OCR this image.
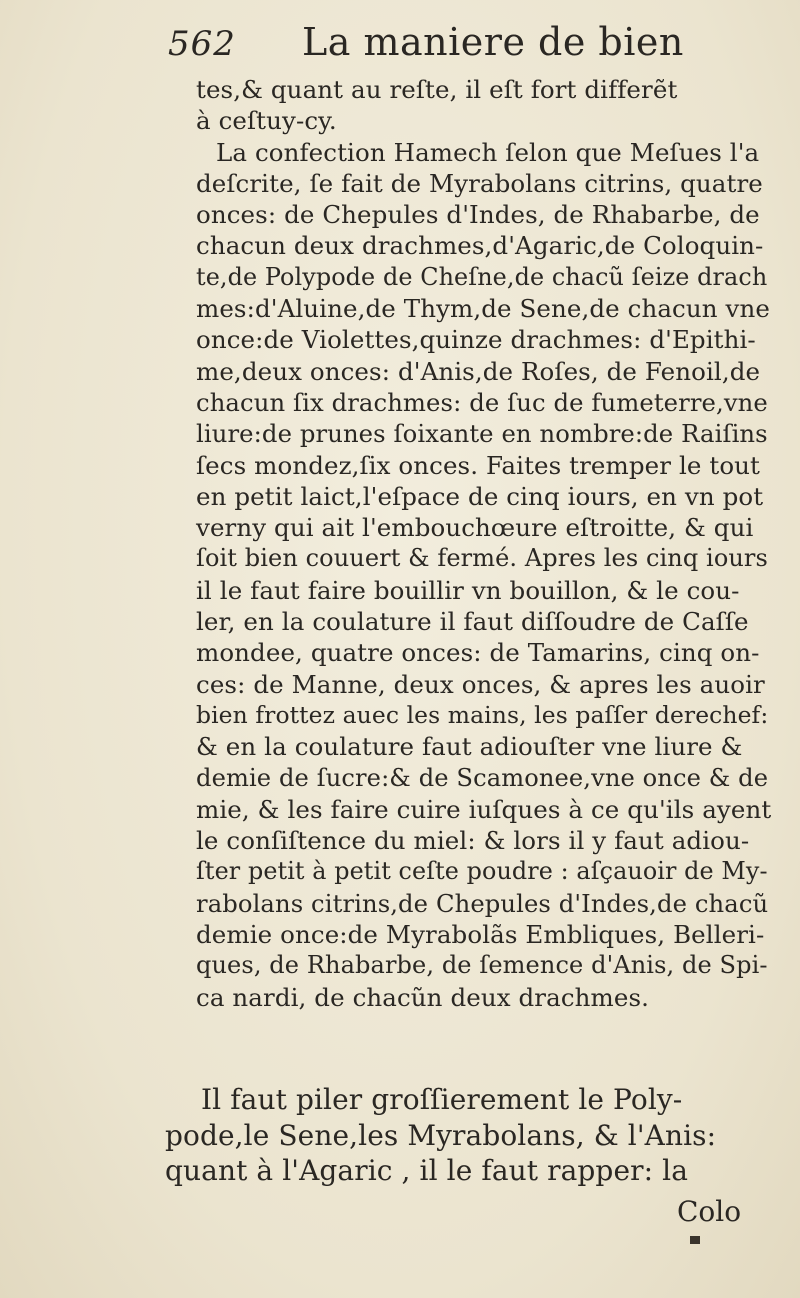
562 La maniere de bien
tes,& quant au reſte, il eſt fort differẽt
à ceſtuy-cy.
La confection Hamech ſelon que Meſues l'a
deſcrite, ſe fait de Myrabolans citrins, quatre
onces: de Chepules d'Indes, de Rhabarbe, de
chacun deux drachmes,d'Agaric,de Coloquin-
te,de Polypode de Cheſne,de chacũ ſeize drach
mes:d'Aluine,de Thym,de Sene,de chacun vne
once:de Violettes,quinze drachmes: d'Epithi-
me,deux onces: d'Anis,de Roſes, de Fenoil,de
chacun ſix drachmes: de ſuc de fumeterre,vne
liure:de prunes ſoixante en nombre:de Raiſins
ſecs mondez,ſix onces. Faites tremper le tout
en petit laict,l'eſpace de cinq iours, en vn pot
verny qui ait l'embouchœure eſtroitte, & qui
ſoit bien couuert & fermé. Apres les cinq iours
il le faut faire bouillir vn bouillon, & le cou-
ler, en la coulature il faut diſſoudre de Caſſe
mondee, quatre onces: de Tamarins, cinq on-
ces: de Manne, deux onces, & apres les auoir
bien frottez auec les mains, les paſſer derechef:
& en la coulature faut adiouſter vne liure &
demie de ſucre:& de Scamonee,vne once & de
mie, & les faire cuire iuſques à ce qu'ils ayent
le conſiſtence du miel: & lors il y faut adiou-
ſter petit à petit ceſte poudre : aſçauoir de My-
rabolans citrins,de Chepules d'Indes,de chacũ
demie once:de Myrabolãs Embliques, Belleri-
ques, de Rhabarbe, de ſemence d'Anis, de Spi-
ca nardi, de chacũn deux drachmes.
Il faut piler groſſierement le Poly-
pode,le Sene,les Myrabolans, & l'Anis:
quant à l'Agaric , il le faut rapper: la
Colo
